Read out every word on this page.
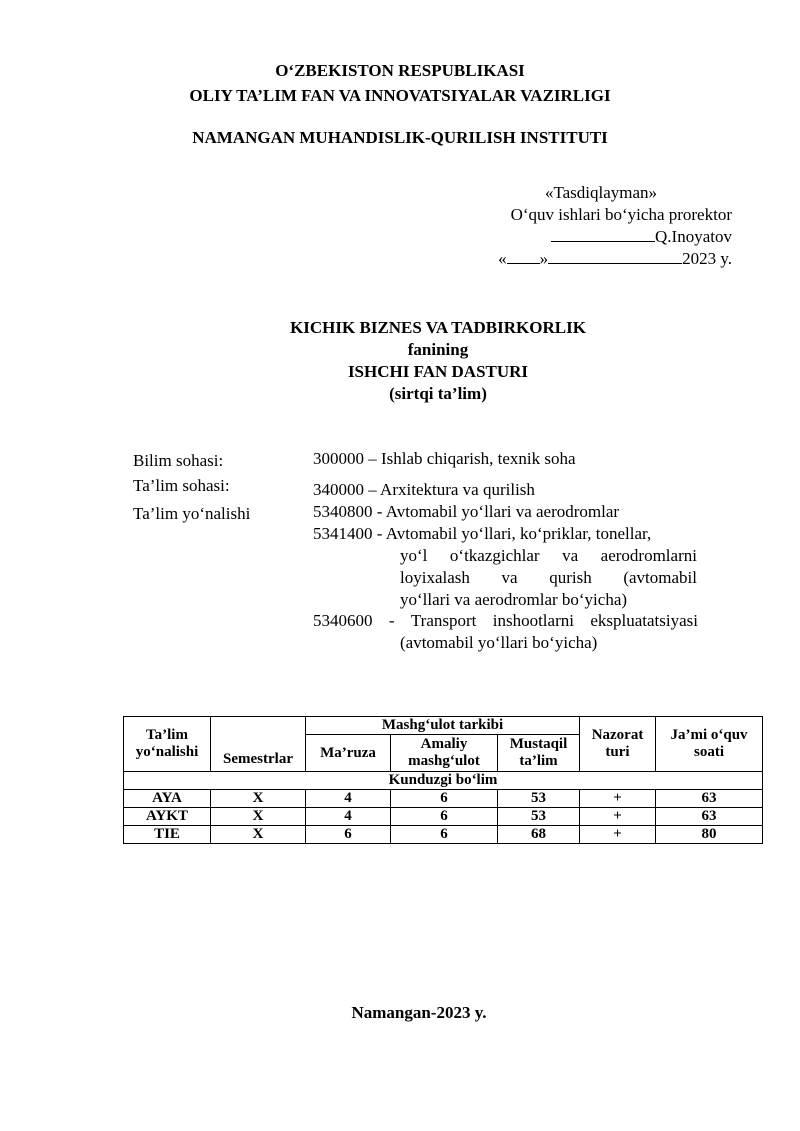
O‘ZBEKISTON RESPUBLIKASI
OLIY TA’LIM FAN VA INNOVATSIYALAR VAZIRLIGI
NAMANGAN MUHANDISLIK-QURILISH INSTITUTI
«Tasdiqlayman»
O‘quv ishlari bo‘yicha prorektor
Q.Inoyatov
« »	2023 y.
KICHIK BIZNES VA TADBIRKORLIK
fanining
ISHCHI FAN DASTURI
(sirtqi ta’lim)
Bilim sohasi:	300000 – Ishlab chiqarish, texnik soha
Ta’lim sohasi:	340000 – Arxitektura va qurilish
Ta’lim yo‘nalishi	5340800 - Avtomabil yo‘llari va aerodromlar
5341400 - Avtomabil yo‘llari, ko‘priklar, tonellar,
yo‘l o‘tkazgichlar va aerodromlarni
loyixalash va qurish (avtomabil
yo‘llari va aerodromlar bo‘yicha)
5340600 - Transport inshootlarni ekspluatatsiyasi
(avtomabil yo‘llari bo‘yicha)
Ta’lim yo‘nalishi	Semestrlar	Mashg‘ulot tarkibi			Nazorat turi	Ja’mi o‘quv soati
		Ma’ruza	Amaliy mashg‘ulot	Mustaqil ta’lim		
Kunduzgi bo‘lim						
AYA	X	4	6	53	+	63
AYKT	X	4	6	53	+	63
TIE	X	6	6	68	+	80
Namangan-2023 y.
